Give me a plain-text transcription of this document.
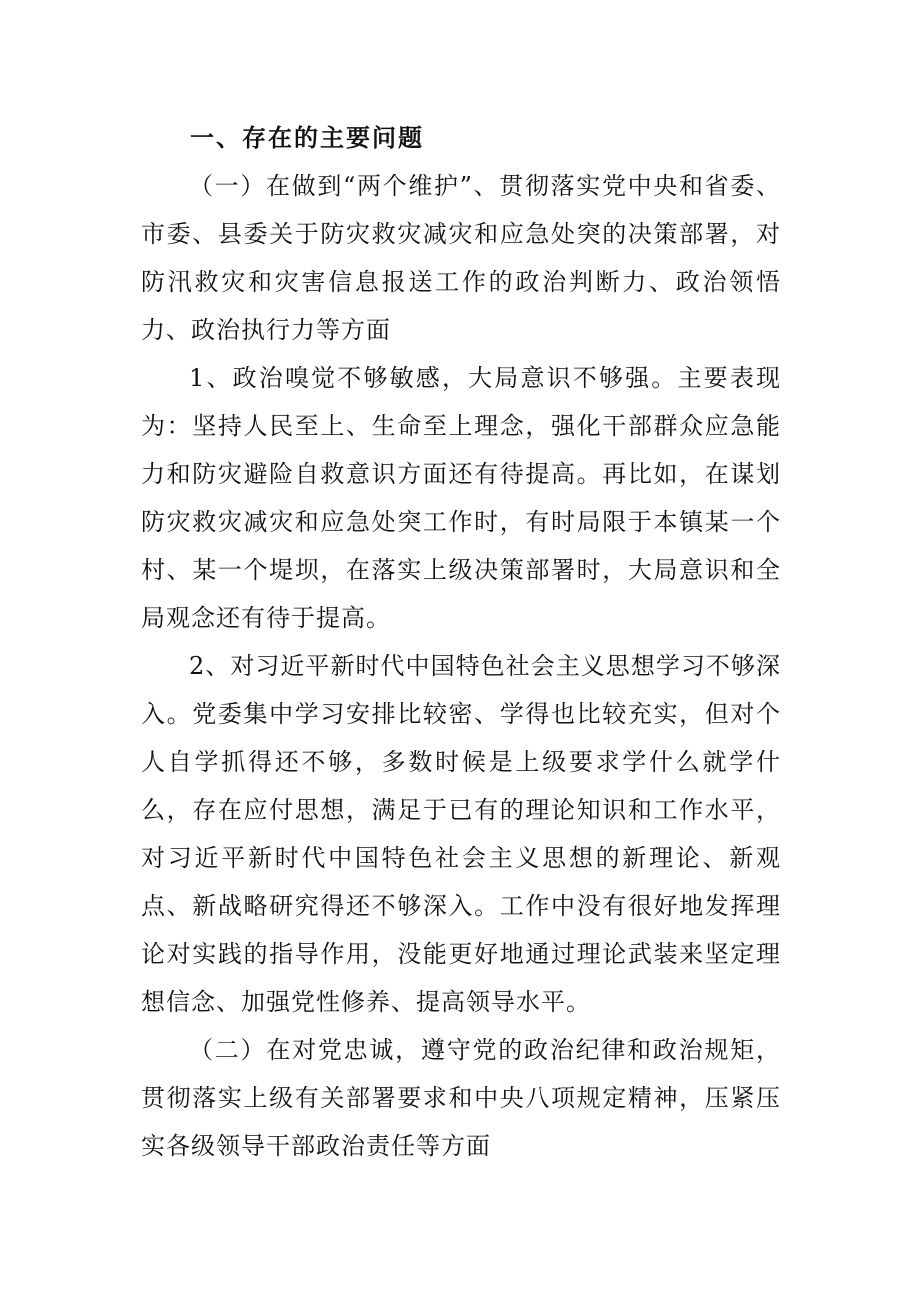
一、存在的主要问题

（一）在做到“两个维护”、贯彻落实党中央和省委、市委、县委关于防灾救灾减灾和应急处突的决策部署，对防汛救灾和灾害信息报送工作的政治判断力、政治领悟力、政治执行力等方面

1、政治嗅觉不够敏感，大局意识不够强。主要表现为：坚持人民至上、生命至上理念，强化干部群众应急能力和防灾避险自救意识方面还有待提高。再比如，在谋划防灾救灾减灾和应急处突工作时，有时局限于本镇某一个村、某一个堤坝，在落实上级决策部署时，大局意识和全局观念还有待于提高。

2、对习近平新时代中国特色社会主义思想学习不够深入。党委集中学习安排比较密、学得也比较充实，但对个人自学抓得还不够，多数时候是上级要求学什么就学什么，存在应付思想，满足于已有的理论知识和工作水平，对习近平新时代中国特色社会主义思想的新理论、新观点、新战略研究得还不够深入。工作中没有很好地发挥理论对实践的指导作用，没能更好地通过理论武装来坚定理想信念、加强党性修养、提高领导水平。

（二）在对党忠诚，遵守党的政治纪律和政治规矩，贯彻落实上级有关部署要求和中央八项规定精神，压紧压实各级领导干部政治责任等方面
